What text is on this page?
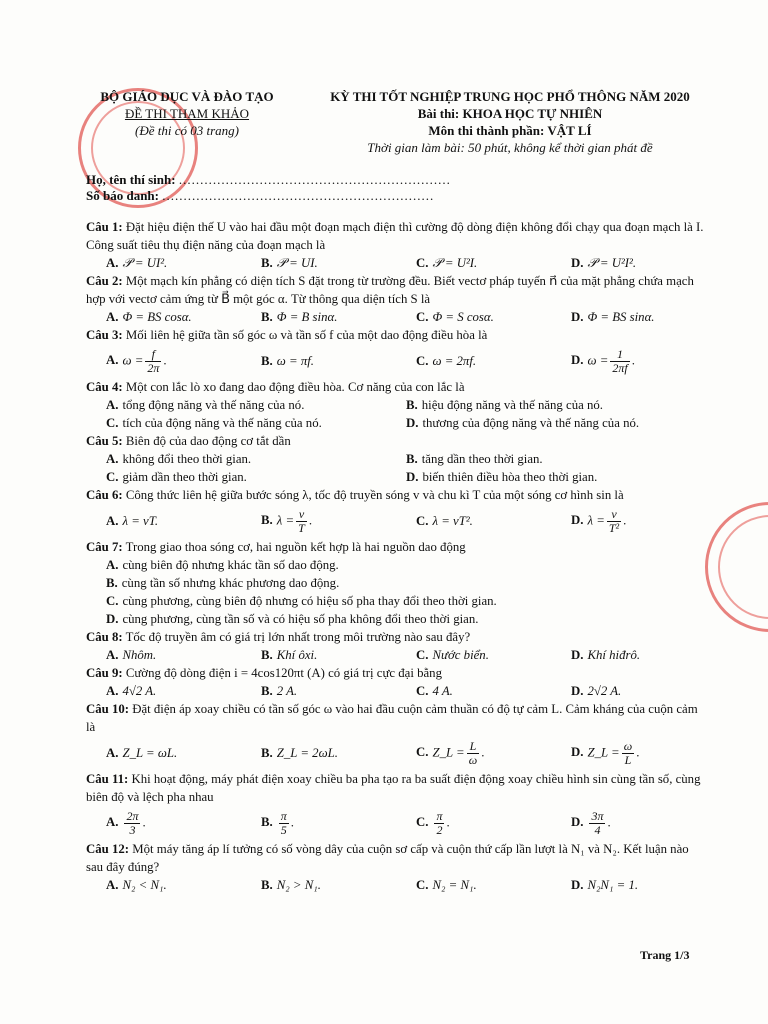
BỘ GIÁO DỤC VÀ ĐÀO TẠO
ĐỀ THI THAM KHẢO
(Đề thi có 03 trang)
KỲ THI TỐT NGHIỆP TRUNG HỌC PHỔ THÔNG NĂM 2020
Bài thi: KHOA HỌC TỰ NHIÊN
Môn thi thành phần: VẬT LÍ
Thời gian làm bài: 50 phút, không kể thời gian phát đề
Họ, tên thí sinh: ................................................................
Số báo danh: ................................................................
Câu 1: Đặt hiệu điện thế U vào hai đầu một đoạn mạch điện thì cường độ dòng điện không đổi chạy qua đoạn mạch là I. Công suất tiêu thụ điện năng của đoạn mạch là
A. 𝒫 = UI².	B. 𝒫 = UI.	C. 𝒫 = U²I.	D. 𝒫 = U²I².
Câu 2: Một mạch kín phẳng có diện tích S đặt trong từ trường đều. Biết vectơ pháp tuyến n⃗ của mặt phẳng chứa mạch hợp với vectơ cảm ứng từ B⃗ một góc α. Từ thông qua diện tích S là
A. Φ = BS cosα.	B. Φ = B sinα.	C. Φ = S cosα.	D. Φ = BS sinα.
Câu 3: Mối liên hệ giữa tần số góc ω và tần số f của một dao động điều hòa là
A. $\omega = \frac{f}{2\pi}$ .	B. ω = πf.	C. ω = 2πf.	D. $\omega = \frac{1}{2\pi f}$ .
Câu 4: Một con lắc lò xo đang dao động điều hòa. Cơ năng của con lắc là
A. tổng động năng và thế năng của nó.	B. hiệu động năng và thế năng của nó.
C. tích của động năng và thế năng của nó.	D. thương của động năng và thế năng của nó.
Câu 5: Biên độ của dao động cơ tắt dần
A. không đổi theo thời gian.	B. tăng dần theo thời gian.
C. giảm dần theo thời gian.	D. biến thiên điều hòa theo thời gian.
Câu 6: Công thức liên hệ giữa bước sóng λ, tốc độ truyền sóng v và chu kì T của một sóng cơ hình sin là
A. λ = vT.	B. $\lambda = \frac{v}{T}$ .	C. λ = vT².	D. $\lambda = \frac{v}{\text{T²}}$ .
Câu 7: Trong giao thoa sóng cơ, hai nguồn kết hợp là hai nguồn dao động
A. cùng biên độ nhưng khác tần số dao động.
B. cùng tần số nhưng khác phương dao động.
C. cùng phương, cùng biên độ nhưng có hiệu số pha thay đổi theo thời gian.
D. cùng phương, cùng tần số và có hiệu số pha không đổi theo thời gian.
Câu 8: Tốc độ truyền âm có giá trị lớn nhất trong môi trường nào sau đây?
A. Nhôm.	B. Khí ôxi.	C. Nước biển.	D. Khí hiđrô.
Câu 9: Cường độ dòng điện i = 4cos120πt (A) có giá trị cực đại bằng
A. 4√2 A.	B. 2 A.	C. 4 A.	D. 2√2 A.
Câu 10: Đặt điện áp xoay chiều có tần số góc ω vào hai đầu cuộn cảm thuần có độ tự cảm L. Cảm kháng của cuộn cảm là
A. Z_L = ωL.	B. Z_L = 2ωL.	C. Z_L = $\frac{L}{\omega}$ .	D. Z_L = $\frac{\omega}{L}$ .
Câu 11: Khi hoạt động, máy phát điện xoay chiều ba pha tạo ra ba suất điện động xoay chiều hình sin cùng tần số, cùng biên độ và lệch pha nhau
A. $\frac{2\pi}{3}$ .	B. $\frac{\pi}{5}$ .	C. $\frac{\pi}{2}$ .	D. $\frac{3\pi}{4}$ .
Câu 12: Một máy tăng áp lí tưởng có số vòng dây của cuộn sơ cấp và cuộn thứ cấp lần lượt là N₁ và N₂. Kết luận nào sau đây đúng?
A. N₂ < N₁.	B. N₂ > N₁.	C. N₂ = N₁.	D. N₂N₁ = 1.
Trang 1/3
